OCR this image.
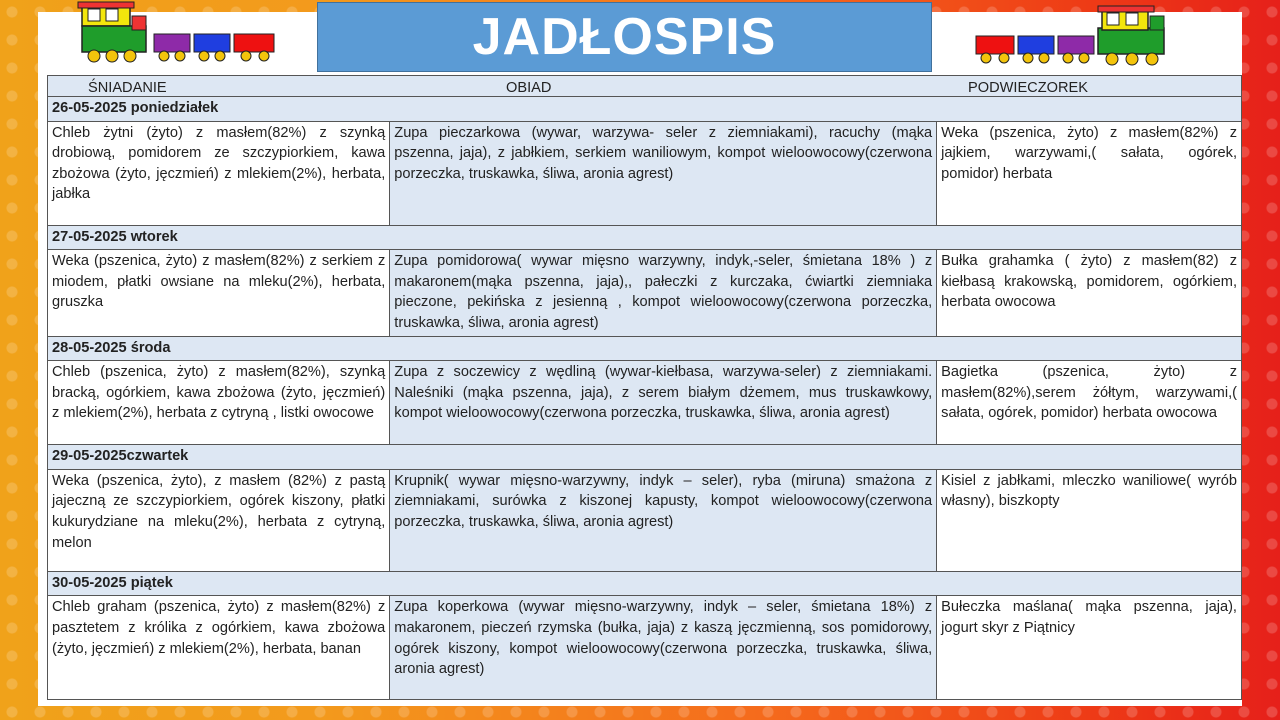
JADŁOSPIS
ŚNIADANIE OBIAD PODWIECZOREK		

26-05-2025 poniedziałek		
Chleb żytni (żyto) z masłem(82%) z szynką drobiową, pomidorem ze szczypiorkiem, kawa zbożowa (żyto, jęczmień) z mlekiem(2%), herbata, jabłka	Zupa pieczarkowa (wywar, warzywa- seler z ziemniakami), racuchy (mąka pszenna, jaja), z jabłkiem, serkiem waniliowym, kompot wieloowocowy(czerwona porzeczka, truskawka, śliwa, aronia agrest)	Weka (pszenica, żyto) z masłem(82%) z jajkiem, warzywami,( sałata, ogórek, pomidor) herbata
27-05-2025 wtorek		
Weka (pszenica, żyto) z masłem(82%) z serkiem z miodem, płatki owsiane na mleku(2%), herbata, gruszka	Zupa pomidorowa( wywar mięsno warzywny, indyk,-seler, śmietana 18% ) z makaronem(mąka pszenna, jaja),, pałeczki z kurczaka, ćwiartki ziemniaka pieczone, pekińska z jesienną , kompot wieloowocowy(czerwona porzeczka, truskawka, śliwa, aronia agrest)	Bułka grahamka ( żyto) z masłem(82) z kiełbasą krakowską, pomidorem, ogórkiem, herbata owocowa
28-05-2025 środa		
Chleb (pszenica, żyto) z masłem(82%), szynką bracką, ogórkiem, kawa zbożowa (żyto, jęczmień) z mlekiem(2%), herbata z cytryną , listki owocowe	Zupa z soczewicy z wędliną (wywar-kiełbasa, warzywa-seler) z ziemniakami. Naleśniki (mąka pszenna, jaja), z serem białym dżemem, mus truskawkowy, kompot wieloowocowy(czerwona porzeczka, truskawka, śliwa, aronia agrest)	Bagietka (pszenica, żyto) z masłem(82%),serem żółtym, warzywami,( sałata, ogórek, pomidor) herbata owocowa
29-05-2025czwartek		
Weka (pszenica, żyto), z masłem (82%) z pastą jajeczną ze szczypiorkiem, ogórek kiszony, płatki kukurydziane na mleku(2%), herbata z cytryną, melon	Krupnik( wywar mięsno-warzywny, indyk – seler), ryba (miruna) smażona z ziemniakami, surówka z kiszonej kapusty, kompot wieloowocowy(czerwona porzeczka, truskawka, śliwa, aronia agrest)	Kisiel z jabłkami, mleczko waniliowe( wyrób własny), biszkopty
30-05-2025 piątek		
Chleb graham (pszenica, żyto) z masłem(82%) z pasztetem z królika z ogórkiem, kawa zbożowa (żyto, jęczmień) z mlekiem(2%), herbata, banan	Zupa koperkowa (wywar mięsno-warzywny, indyk – seler, śmietana 18%) z makaronem, pieczeń rzymska (bułka, jaja) z kaszą jęczmienną, sos pomidorowy, ogórek kiszony, kompot wieloowocowy(czerwona porzeczka, truskawka, śliwa, aronia agrest)	Bułeczka maślana( mąka pszenna, jaja), jogurt skyr z Piątnicy
